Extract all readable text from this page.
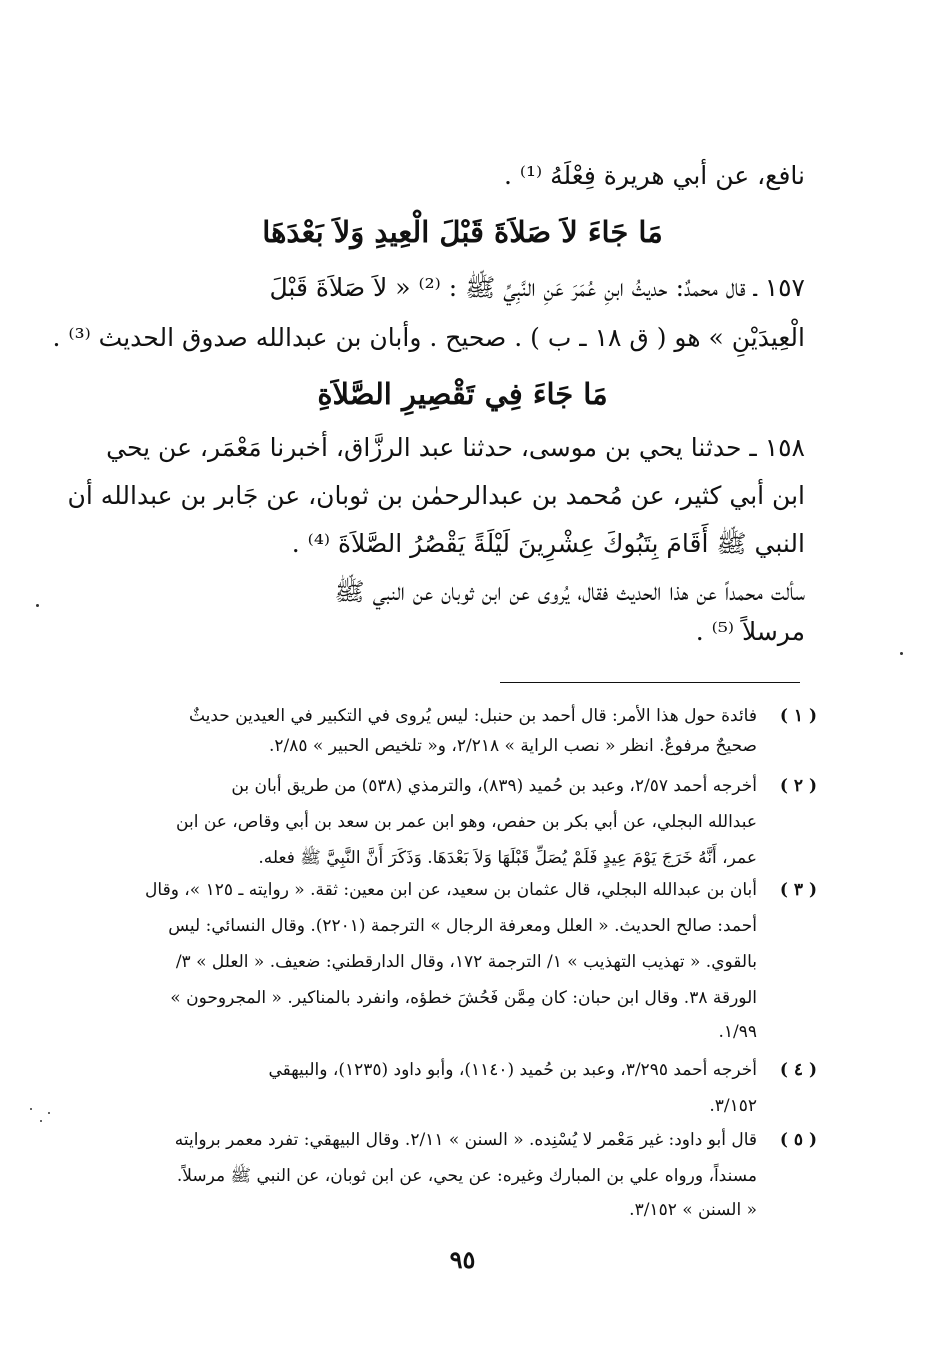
نافع، عن أبي هريرة فِعْلَهُ ⁽¹⁾ .
مَا جَاءَ لاَ صَلاَةَ قَبْلَ الْعِيدِ وَلاَ بَعْدَهَا
١٥٧ ـ قال محمدٌ: حديثُ ابنِ عُمَرَ عَنِ النَّبِيِّ ﷺ : ⁽²⁾ « لاَ صَلاَةَ قَبْلَ
الْعِيدَيْنِ » هو ( ق ١٨ ـ ب ) . صحيح . وأبان بن عبدالله صدوق الحديث ⁽³⁾ .
مَا جَاءَ فِي تَقْصِيرِ الصَّلاَةِ
١٥٨ ـ حدثنا يحي بن موسى، حدثنا عبد الرزَّاق، أخبرنا مَعْمَر، عن يحي
ابن أبي كثير، عن مُحمد بن عبدالرحمٰن بن ثوبان، عن جَابر بن عبدالله أن
النبي ﷺ أَقَامَ بِتَبُوكَ عِشْرِينَ لَيْلَةً يَقْصُرُ الصَّلاَةَ ⁽⁴⁾ .
سألت محمداً عن هذا الحديث فقال، يُروى عن ابن ثوبان عن النبي ﷺ
مرسلاً ⁽⁵⁾ .
( ١ )
فائدة حول هذا الأمر: قال أحمد بن حنبل: ليس يُروى في التكبير في العيدين حديثٌ
صحيحٌ مرفوعٌ. انظر « نصب الراية » ٢/٢١٨، و« تلخيص الحبير » ٢/٨٥.
( ٢ )
أخرجه أحمد ٢/٥٧، وعبد بن حُميد (٨٣٩)، والترمذي (٥٣٨) من طريق أبان بن
عبدالله البجلي، عن أبي بكر بن حفص، وهو ابن عمر بن سعد بن أبي وقاص، عن ابن
عمر، أَنَّهُ خَرَجَ يَوْمَ عِيدٍ فَلَمْ يُصَلِّ قَبْلَهَا وَلاَ بَعْدَهَا. وَذَكَرَ أَنَّ النَّبِيَّ ﷺ فعله.
( ٣ )
أبان بن عبدالله البجلي، قال عثمان بن سعيد، عن ابن معين: ثقة. « روايته ـ ١٢٥ »، وقال
أحمد: صالح الحديث. « العلل ومعرفة الرجال » الترجمة (٢٢٠١). وقال النسائي: ليس
بالقوي. « تهذيب التهذيب » ١/ الترجمة ١٧٢، وقال الدارقطني: ضعيف. « العلل » ٣/
الورقة ٣٨. وقال ابن حبان: كان مِمَّن فَحُشَ خطؤه، وانفرد بالمناكير. « المجروحون »
١/٩٩.
( ٤ )
أخرجه أحمد ٣/٢٩٥، وعبد بن حُميد (١١٤٠)، وأبو داود (١٢٣٥)، والبيهقي
٣/١٥٢.
( ٥ )
قال أبو داود: غير مَعْمر لا يُسْنِده. « السنن » ٢/١١. وقال البيهقي: تفرد معمر بروايته
مسنداً، ورواه علي بن المبارك وغيره: عن يحي، عن ابن ثوبان، عن النبي ﷺ مرسلاً.
« السنن » ٣/١٥٢.
٩٥
